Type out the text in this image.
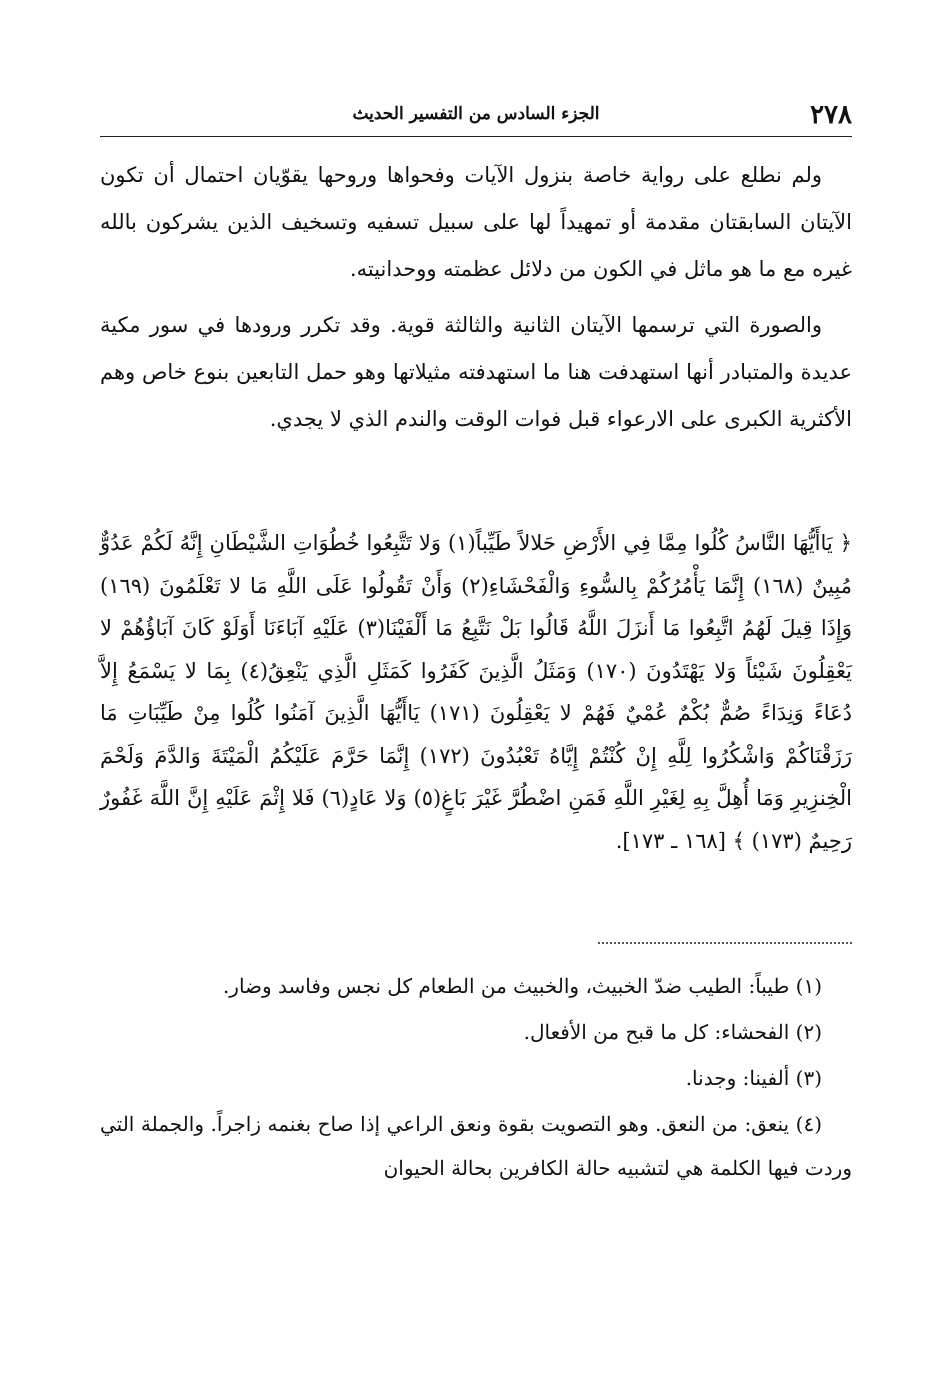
٢٧٨
الجزء السادس من التفسير الحديث

ولم نطلع على رواية خاصة بنزول الآيات وفحواها وروحها يقوّيان احتمال أن تكون الآيتان السابقتان مقدمة أو تمهيداً لها على سبيل تسفيه وتسخيف الذين يشركون بالله غيره مع ما هو ماثل في الكون من دلائل عظمته ووحدانيته.

والصورة التي ترسمها الآيتان الثانية والثالثة قوية. وقد تكرر ورودها في سور مكية عديدة والمتبادر أنها استهدفت هنا ما استهدفته مثيلاتها وهو حمل التابعين بنوع خاص وهم الأكثرية الكبرى على الارعواء قبل فوات الوقت والندم الذي لا يجدي.

﴿ يَاأَيُّهَا النَّاسُ كُلُوا مِمَّا فِي الأَرْضِ حَلالاً طَيِّباً(١) وَلا تَتَّبِعُوا خُطُوَاتِ الشَّيْطَانِ إِنَّهُ لَكُمْ عَدُوٌّ مُبِينٌ (١٦٨) إِنَّمَا يَأْمُرُكُمْ بِالسُّوءِ وَالْفَحْشَاءِ(٢) وَأَنْ تَقُولُوا عَلَى اللَّهِ مَا لا تَعْلَمُونَ (١٦٩) وَإِذَا قِيلَ لَهُمُ اتَّبِعُوا مَا أَنزَلَ اللَّهُ قَالُوا بَلْ نَتَّبِعُ مَا أَلْفَيْنَا(٣) عَلَيْهِ آبَاءَنَا أَوَلَوْ كَانَ آبَاؤُهُمْ لا يَعْقِلُونَ شَيْئاً وَلا يَهْتَدُونَ (١٧٠) وَمَثَلُ الَّذِينَ كَفَرُوا كَمَثَلِ الَّذِي يَنْعِقُ(٤) بِمَا لا يَسْمَعُ إِلاَّ دُعَاءً وَنِدَاءً صُمٌّ بُكْمٌ عُمْيٌ فَهُمْ لا يَعْقِلُونَ (١٧١) يَاأَيُّهَا الَّذِينَ آمَنُوا كُلُوا مِنْ طَيِّبَاتِ مَا رَزَقْنَاكُمْ وَاشْكُرُوا لِلَّهِ إِنْ كُنْتُمْ إِيَّاهُ تَعْبُدُونَ (١٧٢) إِنَّمَا حَرَّمَ عَلَيْكُمُ الْمَيْتَةَ وَالدَّمَ وَلَحْمَ الْخِنزِيرِ وَمَا أُهِلَّ بِهِ لِغَيْرِ اللَّهِ فَمَنِ اضْطُرَّ غَيْرَ بَاغٍ(٥) وَلا عَادٍ(٦) فَلا إِثْمَ عَلَيْهِ إِنَّ اللَّهَ غَفُورٌ رَحِيمٌ (١٧٣) ﴾ [١٦٨ ـ ١٧٣].

(١) طيباً: الطيب ضدّ الخبيث، والخبيث من الطعام كل نجس وفاسد وضار.

(٢) الفحشاء: كل ما قبح من الأفعال.

(٣) ألفينا: وجدنا.

(٤) ينعق: من النعق. وهو التصويت بقوة ونعق الراعي إذا صاح بغنمه زاجراً. والجملة التي وردت فيها الكلمة هي لتشبيه حالة الكافرين بحالة الحيوان
